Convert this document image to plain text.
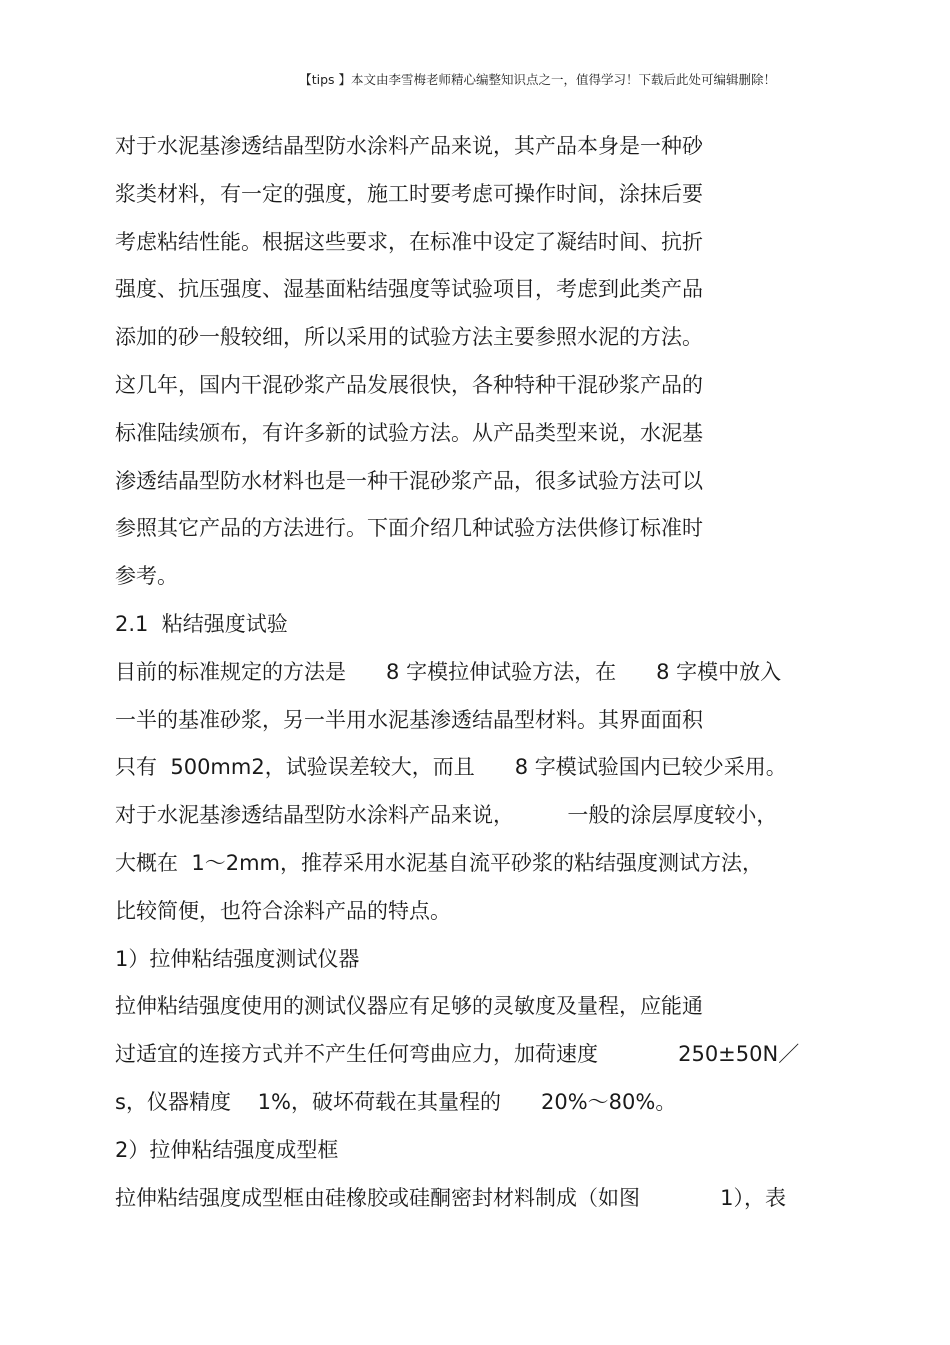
【tips 】本文由李雪梅老师精心编整知识点之一，值得学习！下载后此处可编辑删除！
对于水泥基渗透结晶型防水涂料产品来说，其产品本身是一种砂
浆类材料，有一定的强度，施工时要考虑可操作时间，涂抹后要
考虑粘结性能。根据这些要求，在标准中设定了凝结时间、抗折
强度、抗压强度、湿基面粘结强度等试验项目，考虑到此类产品
添加的砂一般较细，所以采用的试验方法主要参照水泥的方法。
这几年，国内干混砂浆产品发展很快，各种特种干混砂浆产品的
标准陆续颁布，有许多新的试验方法。从产品类型来说，水泥基
渗透结晶型防水材料也是一种干混砂浆产品，很多试验方法可以
参照其它产品的方法进行。下面介绍几种试验方法供修订标准时
参考。
2.1  粘结强度试验
目前的标准规定的方法是      8 字模拉伸试验方法，在      8 字模中放入
一半的基准砂浆，另一半用水泥基渗透结晶型材料。其界面面积
只有  500mm2，试验误差较大，而且      8 字模试验国内已较少采用。
对于水泥基渗透结晶型防水涂料产品来说，        一般的涂层厚度较小，
大概在  1～2mm，推荐采用水泥基自流平砂浆的粘结强度测试方法，
比较简便，也符合涂料产品的特点。
1）拉伸粘结强度测试仪器
拉伸粘结强度使用的测试仪器应有足够的灵敏度及量程，应能通
过适宜的连接方式并不产生任何弯曲应力，加荷速度            250±50N／
s，仪器精度    1%，破坏荷载在其量程的      20%～80%。
2）拉伸粘结强度成型框
拉伸粘结强度成型框由硅橡胶或硅酮密封材料制成（如图            1），表
